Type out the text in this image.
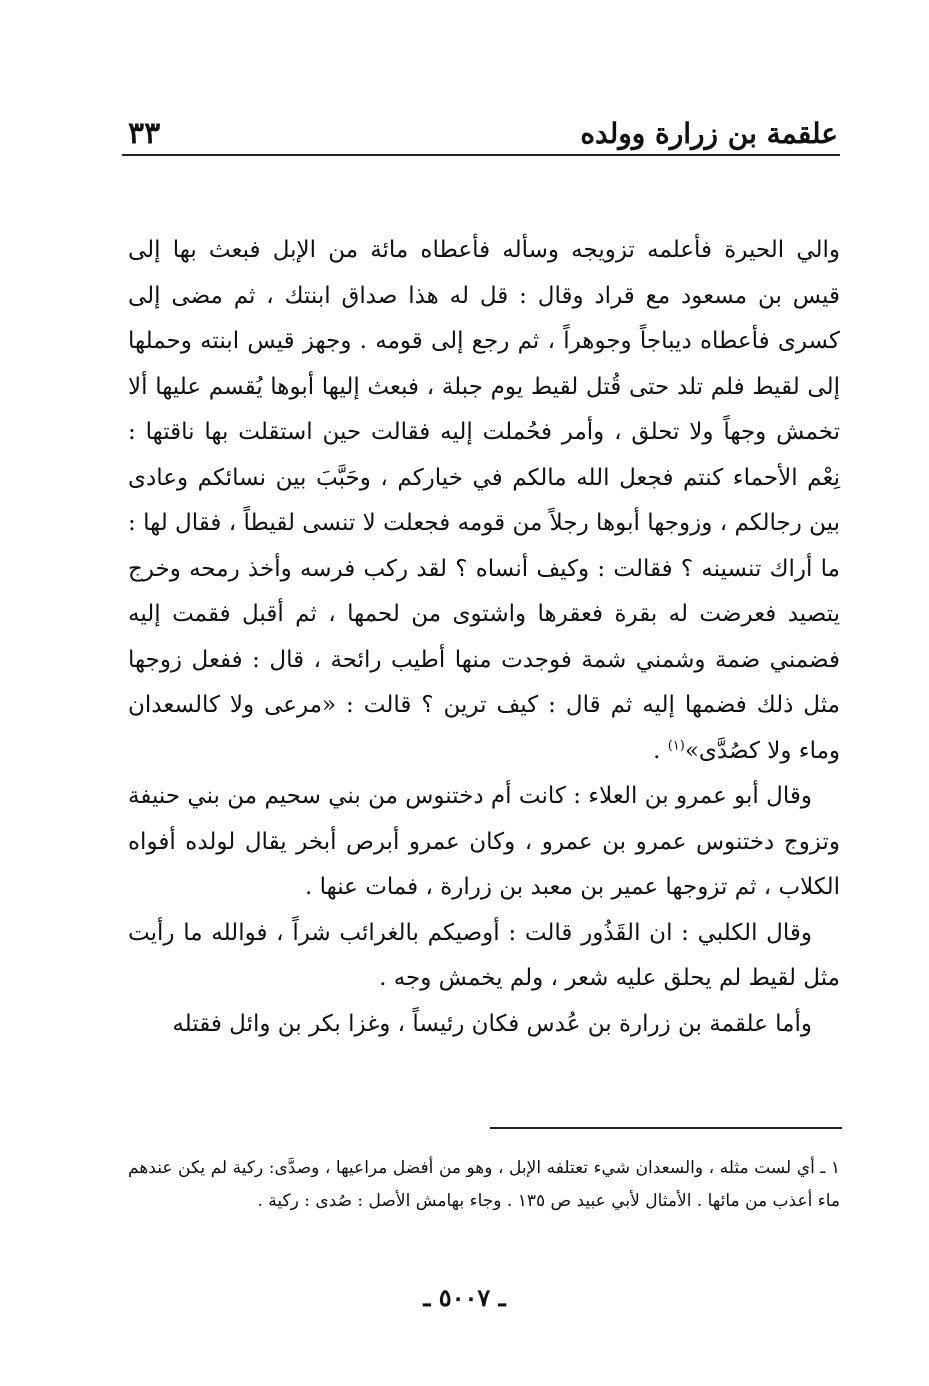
علقمة بن زرارة وولده
٣٣

والي الحيرة فأعلمه تزويجه وسأله فأعطاه مائة من الإبل فبعث بها إلى قيس بن مسعود مع قراد وقال : قل له هذا صداق ابنتك ، ثم مضى إلى كسرى فأعطاه ديباجاً وجوهراً ، ثم رجع إلى قومه . وجهز قيس ابنته وحملها إلى لقيط فلم تلد حتى قُتل لقيط يوم جبلة ، فبعث إليها أبوها يُقسم عليها ألا تخمش وجهاً ولا تحلق ، وأمر فحُملت إليه فقالت حين استقلت بها ناقتها : نِعْم الأحماء كنتم فجعل الله مالكم في خياركم ، وحَبَّبَ بين نسائكم وعادى بين رجالكم ، وزوجها أبوها رجلاً من قومه فجعلت لا تنسى لقيطاً ، فقال لها : ما أراك تنسينه ؟ فقالت : وكيف أنساه ؟ لقد ركب فرسه وأخذ رمحه وخرج يتصيد فعرضت له بقرة فعقرها واشتوى من لحمها ، ثم أقبل فقمت إليه فضمني ضمة وشمني شمة فوجدت منها أطيب رائحة ، قال : ففعل زوجها مثل ذلك فضمها إليه ثم قال : كيف ترين ؟ قالت : «مرعى ولا كالسعدان وماء ولا كصُدَّى»$^{(١)}$ .

وقال أبو عمرو بن العلاء : كانت أم دختنوس من بني سحيم من بني حنيفة وتزوج دختنوس عمرو بن عمرو ، وكان عمرو أبرص أبخر يقال لولده أفواه الكلاب ، ثم تزوجها عمير بن معبد بن زرارة ، فمات عنها .

وقال الكلبي : ان القَذُور قالت : أوصيكم بالغرائب شراً ، فوالله ما رأيت مثل لقيط لم يحلق عليه شعر ، ولم يخمش وجه .

وأما علقمة بن زرارة بن عُدس فكان رئيساً ، وغزا بكر بن وائل فقتله

١ ـ أي لست مثله ، والسعدان شيء تعتلفه الإبل ، وهو من أفضل مراعيها ، وصدَّى: ركية لم يكن عندهم ماء أعذب من مائها . الأمثال لأبي عبيد ص ١٣٥ . وجاء بهامش الأصل : صُدى : ركية .
ـ ٥٠٠٧ ـ
